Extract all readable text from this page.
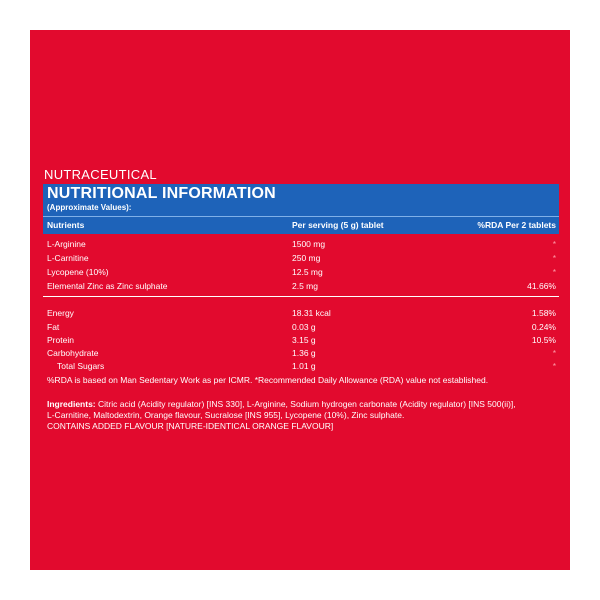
NUTRACEUTICAL
NUTRITIONAL INFORMATION
(Approximate Values):
Nutrients	Per serving (5 g) tablet	%RDA Per 2 tablets
L-Arginine	1500 mg	*
L-Carnitine	250 mg	*
Lycopene (10%)	12.5 mg	*
Elemental Zinc as Zinc sulphate	2.5 mg	41.66%
Energy	18.31 kcal	1.58%
Fat	0.03 g	0.24%
Protein	3.15 g	10.5%
Carbohydrate	1.36 g	*
Total Sugars	1.01 g	*
%RDA is based on Man Sedentary Work as per ICMR. *Recommended Daily Allowance (RDA) value not established.
Ingredients: Citric acid (Acidity regulator) [INS 330], L-Arginine, Sodium hydrogen carbonate (Acidity regulator) [INS 500(ii)],
L-Carnitine, Maltodextrin, Orange flavour, Sucralose [INS 955], Lycopene (10%), Zinc sulphate.
CONTAINS ADDED FLAVOUR [NATURE-IDENTICAL ORANGE FLAVOUR]
